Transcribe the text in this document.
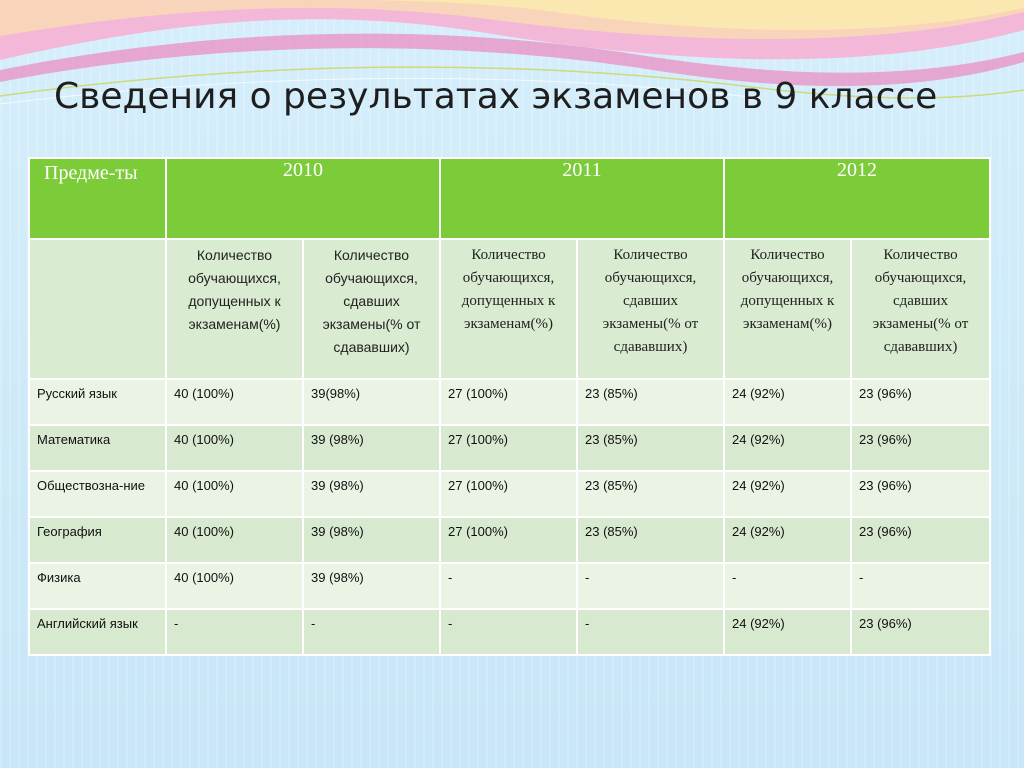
Сведения о результатах экзаменов в 9 классе
Предме-ты	2010		2011		2012	

	Количество обучающихся, допущенных к экзаменам(%)	Количество обучающихся, сдавших экзамены(% от сдававших)	Количество обучающихся, допущенных к экзаменам(%)	Количество обучающихся, сдавших экзамены(% от сдававших)	Количество обучающихся, допущенных к экзаменам(%)	Количество обучающихся, сдавших экзамены(% от сдававших)

Русский язык	40 (100%)	39(98%)	27 (100%)	23 (85%)	24 (92%)	23 (96%)

Математика	40 (100%)	39 (98%)	27 (100%)	23 (85%)	24 (92%)	23 (96%)

Обществозна-ние	40 (100%)	39 (98%)	27 (100%)	23 (85%)	24 (92%)	23 (96%)

География	40 (100%)	39 (98%)	27 (100%)	23 (85%)	24 (92%)	23 (96%)

Физика	40 (100%)	39 (98%)	-	-	-	-

Английский язык	-	-	-	-	24 (92%)	23 (96%)
